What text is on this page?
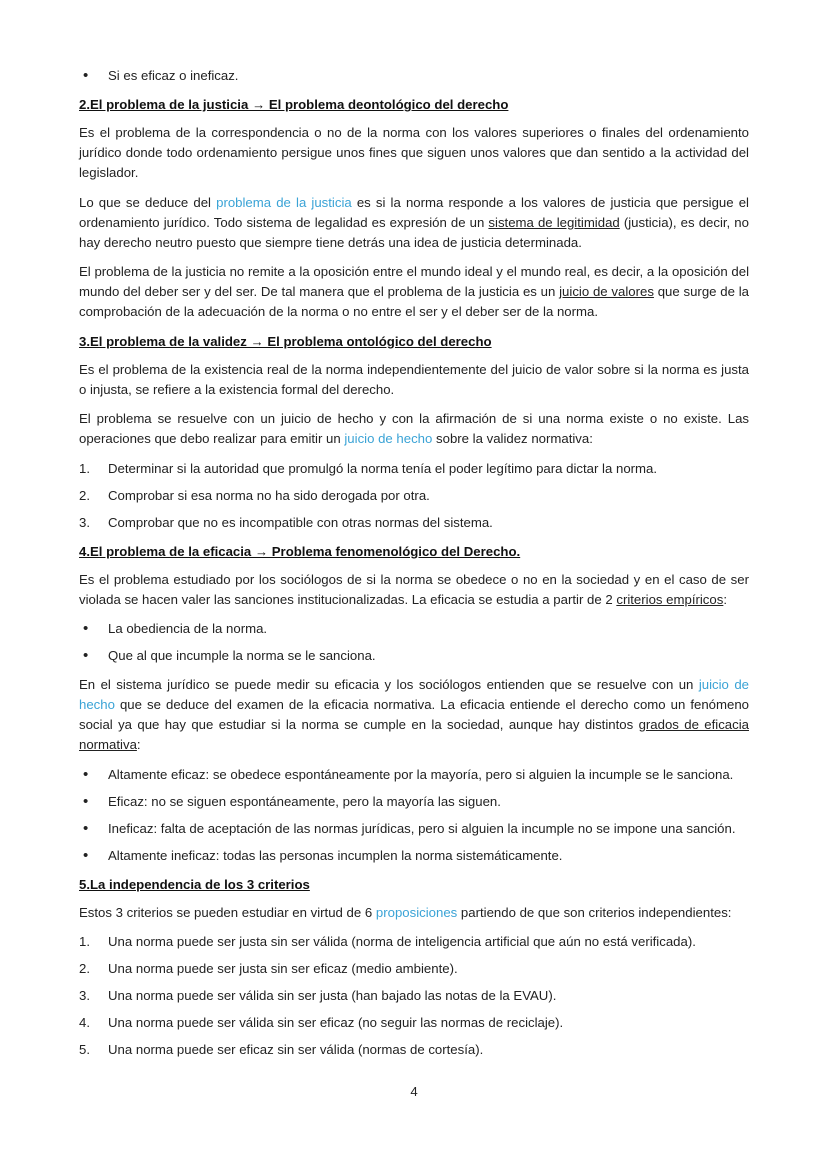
•	Si es eficaz o ineficaz.
2.El problema de la justicia → El problema deontológico del derecho

Es el problema de la correspondencia o no de la norma con los valores superiores o finales del ordenamiento jurídico donde todo ordenamiento persigue unos fines que siguen unos valores que dan sentido a la actividad del legislador.

Lo que se deduce del problema de la justicia es si la norma responde a los valores de justicia que persigue el ordenamiento jurídico. Todo sistema de legalidad es expresión de un sistema de legitimidad (justicia), es decir, no hay derecho neutro puesto que siempre tiene detrás una idea de justicia determinada.

El problema de la justicia no remite a la oposición entre el mundo ideal y el mundo real, es decir, a la oposición del mundo del deber ser y del ser. De tal manera que el problema de la justicia es un juicio de valores que surge de la comprobación de la adecuación de la norma o no entre el ser y el deber ser de la norma.

3.El problema de la validez → El problema ontológico del derecho

Es el problema de la existencia real de la norma independientemente del juicio de valor sobre si la norma es justa o injusta, se refiere a la existencia formal del derecho.

El problema se resuelve con un juicio de hecho y con la afirmación de si una norma existe o no existe. Las operaciones que debo realizar para emitir un juicio de hecho sobre la validez normativa:

1.	Determinar si la autoridad que promulgó la norma tenía el poder legítimo para dictar la norma.
2.	Comprobar si esa norma no ha sido derogada por otra.
3.	Comprobar que no es incompatible con otras normas del sistema.
4.El problema de la eficacia → Problema fenomenológico del Derecho.

Es el problema estudiado por los sociólogos de si la norma se obedece o no en la sociedad y en el caso de ser violada se hacen valer las sanciones institucionalizadas. La eficacia se estudia a partir de 2 criterios empíricos:

•	La obediencia de la norma.
•	Que al que incumple la norma se le sanciona.

En el sistema jurídico se puede medir su eficacia y los sociólogos entienden que se resuelve con un juicio de hecho que se deduce del examen de la eficacia normativa. La eficacia entiende el derecho como un fenómeno social ya que hay que estudiar si la norma se cumple en la sociedad, aunque hay distintos grados de eficacia normativa:

•	Altamente eficaz: se obedece espontáneamente por la mayoría, pero si alguien la incumple se le sanciona.
•	Eficaz: no se siguen espontáneamente, pero la mayoría las siguen.
•	Ineficaz: falta de aceptación de las normas jurídicas, pero si alguien la incumple no se impone una sanción.
•	Altamente ineficaz: todas las personas incumplen la norma sistemáticamente.
5.La independencia de los 3 criterios

Estos 3 criterios se pueden estudiar en virtud de 6 proposiciones partiendo de que son criterios independientes:

1.	Una norma puede ser justa sin ser válida (norma de inteligencia artificial que aún no está verificada).
2.	Una norma puede ser justa sin ser eficaz (medio ambiente).
3.	Una norma puede ser válida sin ser justa (han bajado las notas de la EVAU).
4.	Una norma puede ser válida sin ser eficaz (no seguir las normas de reciclaje).
5.	Una norma puede ser eficaz sin ser válida (normas de cortesía).
4
